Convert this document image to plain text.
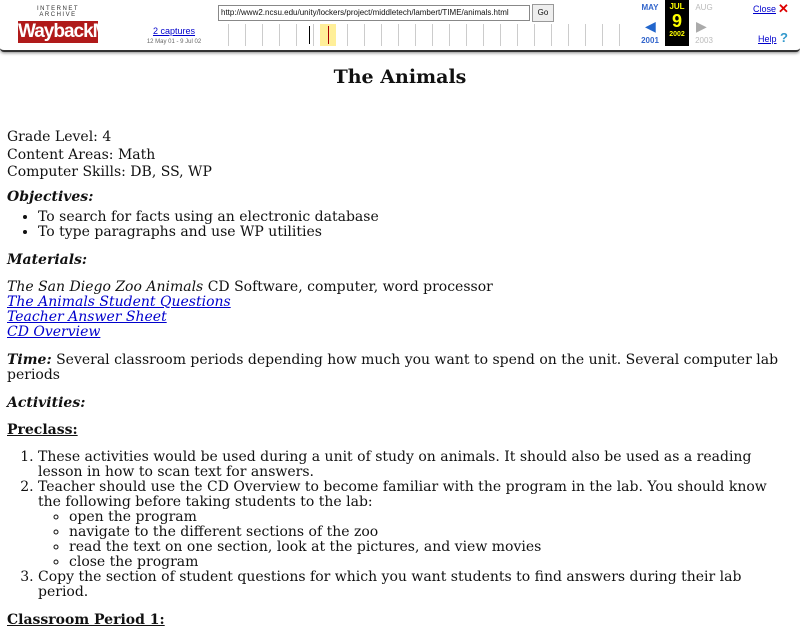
INTERNET ARCHIVE
WaybackMachine
http://www2.ncsu.edu/unity/lockers/project/middletech/lambert/TIME/animals.html	Go
2 captures
12 May 01 - 9 Jul 02
MAY
◀
2001
JUL
9
2002
AUG
▶
2003
Close ✕
Help ?
The Animals
Grade Level: 4
Content Areas: Math
Computer Skills: DB, SS, WP
Objectives:
• To search for facts using an electronic database
• To type paragraphs and use WP utilities
Materials:

The San Diego Zoo Animals CD Software, computer, word processor

The Animals Student Questions

Teacher Answer Sheet

CD Overview

Time: Several classroom periods depending how much you want to spend on the unit. Several computer lab periods

Activities:
Preclass:
1. These activities would be used during a unit of study on animals. It should also be used as a reading lesson in how to scan text for answers.
2. Teacher should use the CD Overview to become familiar with the program in the lab. You should know the following before taking students to the lab:
◦ open the program
◦ navigate to the different sections of the zoo
◦ read the text on one section, look at the pictures, and view movies
◦ close the program
3. Copy the section of student questions for which you want students to find answers during their lab period.
Classroom Period 1:
